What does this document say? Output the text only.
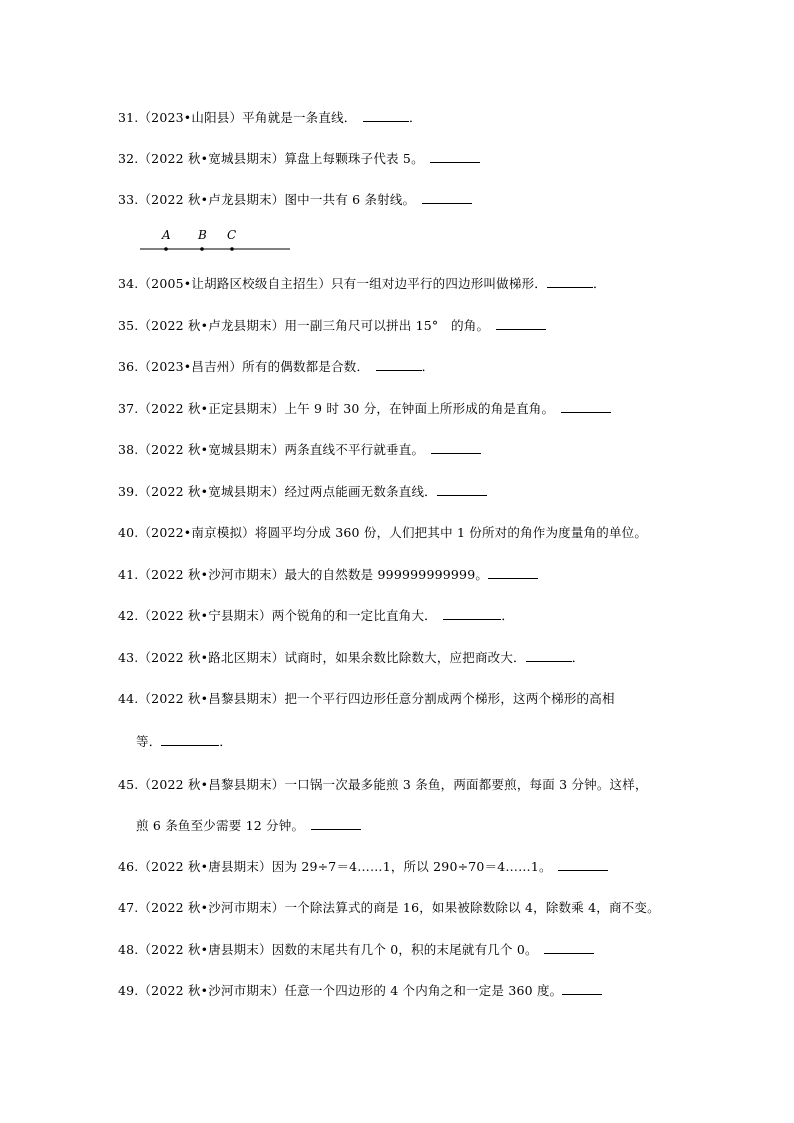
31.（2023•山阳县）平角就是一条直线．　	．
32.（2022 秋•宽城县期末）算盘上每颗珠子代表 5。　
33.（2022 秋•卢龙县期末）图中一共有 6 条射线。　
A B C
34.（2005•让胡路区校级自主招生）只有一组对边平行的四边形叫做梯形．	．
35.（2022 秋•卢龙县期末）用一副三角尺可以拼出 15°　的角。　
36.（2023•昌吉州）所有的偶数都是合数．　	．
37.（2022 秋•正定县期末）上午 9 时 30 分，在钟面上所形成的角是直角。　
38.（2022 秋•宽城县期末）两条直线不平行就垂直。　
39.（2022 秋•宽城县期末）经过两点能画无数条直线．
40.（2022•南京模拟）将圆平均分成 360 份，人们把其中 1 份所对的角作为度量角的单位。
41.（2022 秋•沙河市期末）最大的自然数是 999999999999。
42.（2022 秋•宁县期末）两个锐角的和一定比直角大．　	．
43.（2022 秋•路北区期末）试商时，如果余数比除数大，应把商改大．	．
44.（2022 秋•昌黎县期末）把一个平行四边形任意分割成两个梯形，这两个梯形的高相
等．	．
45.（2022 秋•昌黎县期末）一口锅一次最多能煎 3 条鱼，两面都要煎，每面 3 分钟。这样，
煎 6 条鱼至少需要 12 分钟。　
46.（2022 秋•唐县期末）因为 29÷7＝4……1，所以 290÷70＝4……1。　
47.（2022 秋•沙河市期末）一个除法算式的商是 16，如果被除数除以 4，除数乘 4，商不变。
48.（2022 秋•唐县期末）因数的末尾共有几个 0，积的末尾就有几个 0。　
49.（2022 秋•沙河市期末）任意一个四边形的 4 个内角之和一定是 360 度。
